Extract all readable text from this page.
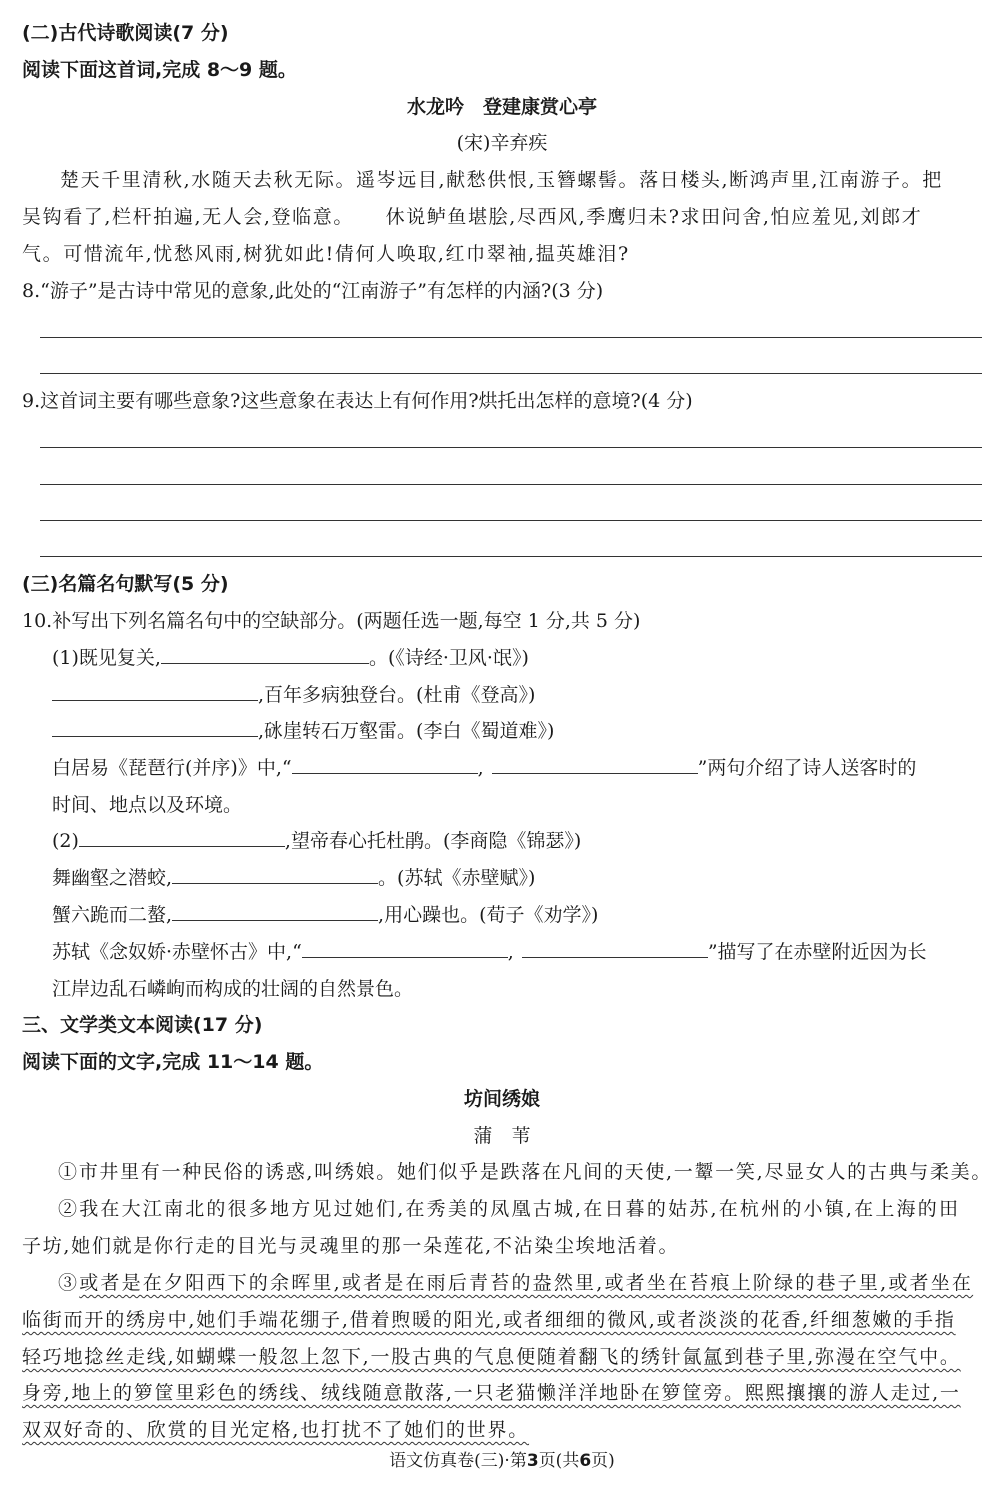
(二)古代诗歌阅读(7 分)
阅读下面这首词,完成 8～9 题。
水龙吟　登建康赏心亭
(宋)辛弃疾
楚天千里清秋,水随天去秋无际。遥岑远目,献愁供恨,玉簪螺髻。落日楼头,断鸿声里,江南游子。把
吴钩看了,栏杆拍遍,无人会,登临意。　　休说鲈鱼堪脍,尽西风,季鹰归未?求田问舍,怕应羞见,刘郎才
气。可惜流年,忧愁风雨,树犹如此!倩何人唤取,红巾翠袖,揾英雄泪?
8.“游子”是古诗中常见的意象,此处的“江南游子”有怎样的内涵?(3 分)
9.这首词主要有哪些意象?这些意象在表达上有何作用?烘托出怎样的意境?(4 分)
(三)名篇名句默写(5 分)
10.补写出下列名篇名句中的空缺部分。(两题任选一题,每空 1 分,共 5 分)
(1)既见复关,	。(《诗经·卫风·氓》)
,百年多病独登台。(杜甫《登高》)
,砯崖转石万壑雷。(李白《蜀道难》)
白居易《琵琶行(并序)》中,“	,	”两句介绍了诗人送客时的
时间、地点以及环境。
(2)	,望帝春心托杜鹃。(李商隐《锦瑟》)
舞幽壑之潜蛟,	。(苏轼《赤壁赋》)
蟹六跪而二螯,	,用心躁也。(荀子《劝学》)
苏轼《念奴娇·赤壁怀古》中,“	,	”描写了在赤壁附近因为长
江岸边乱石嶙峋而构成的壮阔的自然景色。
三、文学类文本阅读(17 分)
阅读下面的文字,完成 11～14 题。
坊间绣娘
蒲　苇
①市井里有一种民俗的诱惑,叫绣娘。她们似乎是跌落在凡间的天使,一颦一笑,尽显女人的古典与柔美。
②我在大江南北的很多地方见过她们,在秀美的凤凰古城,在日暮的姑苏,在杭州的小镇,在上海的田
子坊,她们就是你行走的目光与灵魂里的那一朵莲花,不沾染尘埃地活着。
③或者是在夕阳西下的余晖里,或者是在雨后青苔的盎然里,或者坐在苔痕上阶绿的巷子里,或者坐在
临街而开的绣房中,她们手端花绷子,借着煦暖的阳光,或者细细的微风,或者淡淡的花香,纤细葱嫩的手指
轻巧地捻丝走线,如蝴蝶一般忽上忽下,一股古典的气息便随着翻飞的绣针氤氲到巷子里,弥漫在空气中。
身旁,地上的箩筐里彩色的绣线、绒线随意散落,一只老猫懒洋洋地卧在箩筐旁。熙熙攘攘的游人走过,一
双双好奇的、欣赏的目光定格,也打扰不了她们的世界。
语文仿真卷(三)·第3页(共6页)
